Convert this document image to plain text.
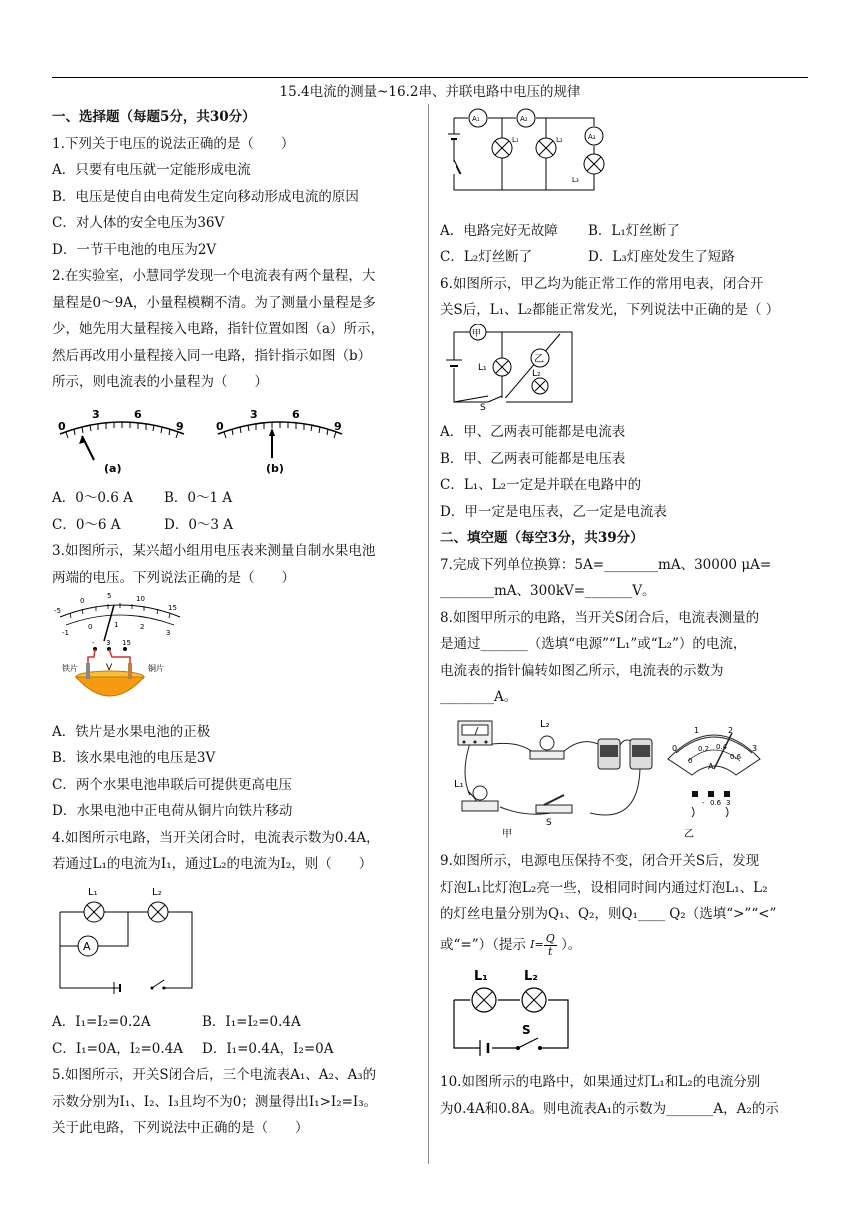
15.4电流的测量~16.2串、并联电路中电压的规律
一、选择题（每题5分，共30分）
1.下列关于电压的说法正确的是（　　）
A．只要有电压就一定能形成电流
B．电压是使自由电荷发生定向移动形成电流的原因
C．对人体的安全电压为36V
D．一节干电池的电压为2V
2.在实验室，小慧同学发现一个电流表有两个量程，大
量程是0～9A，小量程模糊不清。为了测量小量程是多
少，她先用大量程接入电路，指针位置如图（a）所示，
然后再改用小量程接入同一电路，指针指示如图（b）
所示，则电流表的小量程为（　　）
0
3	6
9
(a)
0
3	6
9
(b)
A．0～0.6 A B．0～1 A
C．0～6 A	D．0～3 A
3.如图所示，某兴超小组用电压表来测量自制水果电池
两端的电压。下列说法正确的是（　　）
-5
0
5	10
15
-1
0	1	2
3
- 3 15
V
铁片	铜片
A．铁片是水果电池的正极
B．该水果电池的电压是3V
C．两个水果电池串联后可提供更高电压
D．水果电池中正电荷从铜片向铁片移动
4.如图所示电路，当开关闭合时，电流表示数为0.4A，
若通过L₁的电流为I₁，通过L₂的电流为I₂，则（　　）
A
L₁	L₂
A．I₁=I₂=0.2A	B．I₁=I₂=0.4A
C．I₁=0A，I₂=0.4A D．I₁=0.4A，I₂=0A
5.如图所示，开关S闭合后，三个电流表A₁、A₂、A₃的
示数分别为I₁、I₂、I₃且均不为0；测量得出I₁>I₂=I₃。
关于此电路，下列说法中正确的是（　　）
A₁	A₂
A₃
L₁	L₂
L₃
A．电路完好无故障 B．L₁灯丝断了
C．L₂灯丝断了	D．L₃灯座处发生了短路
6.如图所示，甲乙均为能正常工作的常用电表，闭合开
关S后，L₁、L₂都能正常发光，下列说法中正确的是（ ）
甲
乙
L₁
L₂
S
A．甲、乙两表可能都是电流表
B．甲、乙两表可能都是电压表
C．L₁、L₂一定是并联在电路中的
D．甲一定是电压表，乙一定是电流表
二、填空题（每空3分，共39分）
7.完成下列单位换算：5A=________mA、30000 μA=
________mA、300kV=_______V。
8.如图甲所示的电路，当开关S闭合后，电流表测量的
是通过_______（选填“电源”“L₁”或“L₂”）的电流，
电流表的指针偏转如图乙所示，电流表的示数为
________A。
L₂
L₁
S
甲
0
1	2
3
0
0.2 0.4
0.6
A
- 0.6 3
乙
9.如图所示，电源电压保持不变，闭合开关S后，发现
灯泡L₁比灯泡L₂亮一些，设相同时间内通过灯泡L₁、L₂
的灯丝电量分别为Q₁、Q₂，则Q₁____ Q₂（选填“>”“<”
或“=”）（提示 $I= \frac{Q}{t}$ ）。
L₁	L₂
S
10.如图所示的电路中，如果通过灯L₁和L₂的电流分别
为0.4A和0.8A。则电流表A₁的示数为_______A，A₂的示
